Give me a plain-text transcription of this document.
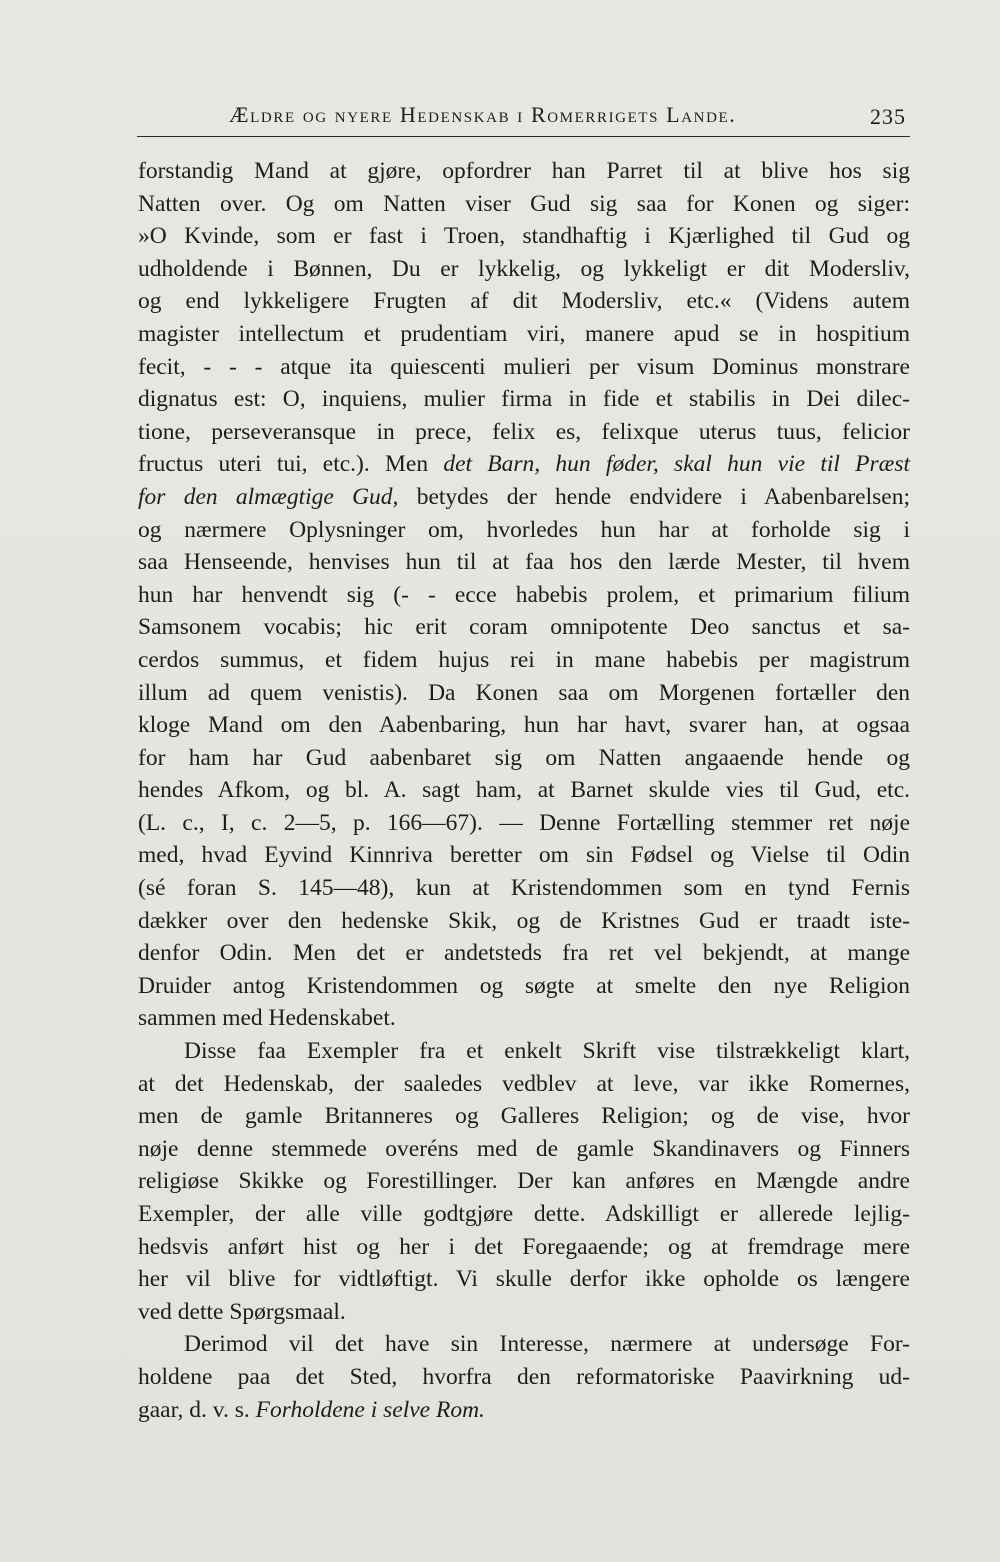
Ældre og nyere Hedenskab i Romerrigets Lande.	235
forstandig Mand at gjøre, opfordrer han Parret til at blive hos sig
Natten over. Og om Natten viser Gud sig saa for Konen og siger:
»O Kvinde, som er fast i Troen, standhaftig i Kjærlighed til Gud og
udholdende i Bønnen, Du er lykkelig, og lykkeligt er dit Modersliv,
og end lykkeligere Frugten af dit Modersliv, etc.« (Videns autem
magister intellectum et prudentiam viri, manere apud se in hospitium
fecit, - - - atque ita quiescenti mulieri per visum Dominus monstrare
dignatus est: O, inquiens, mulier firma in fide et stabilis in Dei dilec-
tione, perseveransque in prece, felix es, felixque uterus tuus, felicior
fructus uteri tui, etc.). Men det Barn, hun føder, skal hun vie til Præst
for den almægtige Gud, betydes der hende endvidere i Aabenbarelsen;
og nærmere Oplysninger om, hvorledes hun har at forholde sig i
saa Henseende, henvises hun til at faa hos den lærde Mester, til hvem
hun har henvendt sig (- - ecce habebis prolem, et primarium filium
Samsonem vocabis; hic erit coram omnipotente Deo sanctus et sa-
cerdos summus, et fidem hujus rei in mane habebis per magistrum
illum ad quem venistis). Da Konen saa om Morgenen fortæller den
kloge Mand om den Aabenbaring, hun har havt, svarer han, at ogsaa
for ham har Gud aabenbaret sig om Natten angaaende hende og
hendes Afkom, og bl. A. sagt ham, at Barnet skulde vies til Gud, etc.
(L. c., I, c. 2—5, p. 166—67). — Denne Fortælling stemmer ret nøje
med, hvad Eyvind Kinnriva beretter om sin Fødsel og Vielse til Odin
(sé foran S. 145—48), kun at Kristendommen som en tynd Fernis
dækker over den hedenske Skik, og de Kristnes Gud er traadt iste-
denfor Odin. Men det er andetsteds fra ret vel bekjendt, at mange
Druider antog Kristendommen og søgte at smelte den nye Religion
sammen med Hedenskabet.
Disse faa Exempler fra et enkelt Skrift vise tilstrækkeligt klart,
at det Hedenskab, der saaledes vedblev at leve, var ikke Romernes,
men de gamle Britanneres og Galleres Religion; og de vise, hvor
nøje denne stemmede overéns med de gamle Skandinavers og Finners
religiøse Skikke og Forestillinger. Der kan anføres en Mængde andre
Exempler, der alle ville godtgjøre dette. Adskilligt er allerede lejlig-
hedsvis anført hist og her i det Foregaaende; og at fremdrage mere
her vil blive for vidtløftigt. Vi skulle derfor ikke opholde os længere
ved dette Spørgsmaal.
Derimod vil det have sin Interesse, nærmere at undersøge For-
holdene paa det Sted, hvorfra den reformatoriske Paavirkning ud-
gaar, d. v. s. Forholdene i selve Rom.
